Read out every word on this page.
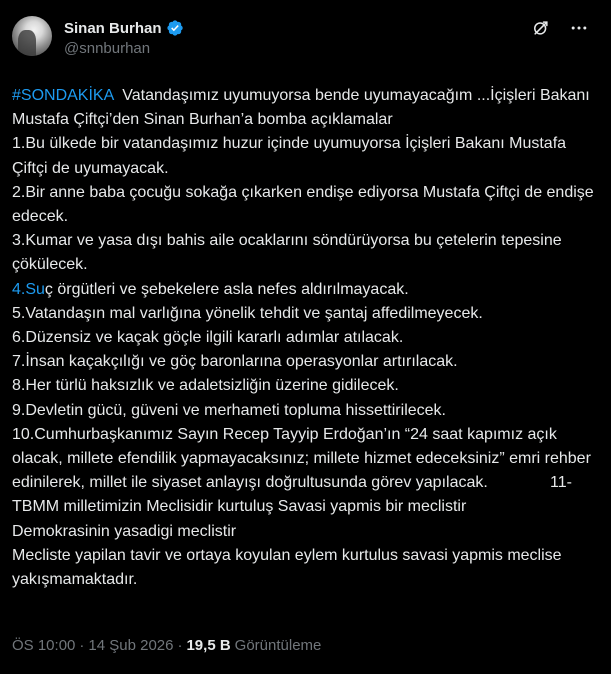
Sinan Burhan
@snnburhan
#SONDAKİKA  Vatandaşımız uyumuyorsa bende uyumayacağım ...İçişleri Bakanı Mustafa Çiftçi’den Sinan Burhan’a bomba açıklamalar
1.Bu ülkede bir vatandaşımız huzur içinde uyumuyorsa İçişleri Bakanı Mustafa Çiftçi de uyumayacak.
2.Bir anne baba çocuğu sokağa çıkarken endişe ediyorsa Mustafa Çiftçi de endişe edecek.
3.Kumar ve yasa dışı bahis aile ocaklarını söndürüyorsa bu çetelerin tepesine çökülecek.
4.Suç örgütleri ve şebekelere asla nefes aldırılmayacak.
5.Vatandaşın mal varlığına yönelik tehdit ve şantaj affedilmeyecek.
6.Düzensiz ve kaçak göçle ilgili kararlı adımlar atılacak.
7.İnsan kaçakçılığı ve göç baronlarına operasyonlar artırılacak.
8.Her türlü haksızlık ve adaletsizliğin üzerine gidilecek.
9.Devletin gücü, güveni ve merhameti topluma hissettirilecek.
10.Cumhurbaşkanımız Sayın Recep Tayyip Erdoğan’ın “24 saat kapımız açık olacak, millete efendilik yapmayacaksınız; millete hizmet edeceksiniz” emri rehber edinilerek, millet ile siyaset anlayışı doğrultusunda görev yapılacak.	11-TBMM milletimizin Meclisidir kurtuluş Savasi yapmis bir meclistir
Demokrasinin yasadigi meclistir
Mecliste yapilan tavir ve ortaya koyulan eylem kurtulus savasi yapmis meclise yakışmamaktadır.
ÖS 10:00 · 14 Şub 2026 · 19,5 B Görüntüleme
